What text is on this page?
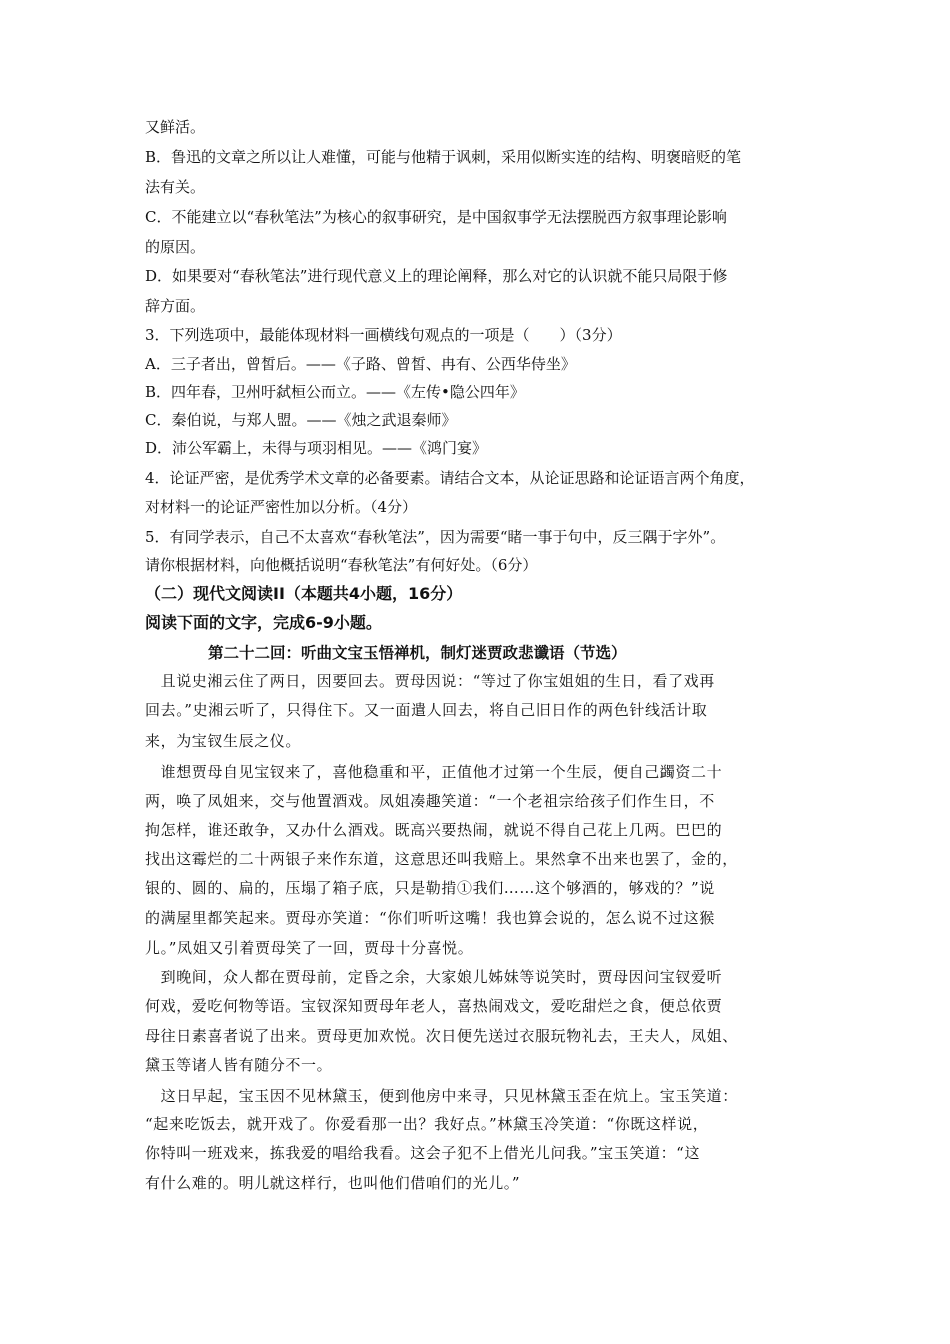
又鲜活。
B．鲁迅的文章之所以让人难懂，可能与他精于讽刺，采用似断实连的结构、明褒暗贬的笔
法有关。
C．不能建立以“春秋笔法”为核心的叙事研究，是中国叙事学无法摆脱西方叙事理论影响
的原因。
D．如果要对“春秋笔法”进行现代意义上的理论阐释，那么对它的认识就不能只局限于修
辞方面。
3．下列选项中，最能体现材料一画横线句观点的一项是（　　）（3分）
A．三子者出，曾皙后。——《子路、曾皙、冉有、公西华侍坐》
B．四年春，卫州吁弑桓公而立。——《左传•隐公四年》
C．秦伯说，与郑人盟。——《烛之武退秦师》
D．沛公军霸上，未得与项羽相见。——《鸿门宴》
4．论证严密，是优秀学术文章的必备要素。请结合文本，从论证思路和论证语言两个角度，
对材料一的论证严密性加以分析。（4分）
5．有同学表示，自己不太喜欢“春秋笔法”，因为需要“睹一事于句中，反三隅于字外”。
请你根据材料，向他概括说明“春秋笔法”有何好处。（6分）
（二）现代文阅读II（本题共4小题，16分）
阅读下面的文字，完成6-9小题。
第二十二回：听曲文宝玉悟禅机，制灯迷贾政悲谶语（节选）
　且说史湘云住了两日，因要回去。贾母因说：“等过了你宝姐姐的生日，看了戏再
回去。”史湘云听了，只得住下。又一面遣人回去，将自己旧日作的两色针线活计取
来，为宝钗生辰之仪。
　谁想贾母自见宝钗来了，喜他稳重和平，正值他才过第一个生辰，便自己蠲资二十
两，唤了凤姐来，交与他置酒戏。凤姐凑趣笑道：“一个老祖宗给孩子们作生日，不
拘怎样，谁还敢争，又办什么酒戏。既高兴要热闹，就说不得自己花上几两。巴巴的
找出这霉烂的二十两银子来作东道，这意思还叫我赔上。果然拿不出来也罢了，金的，
银的、圆的、扁的，压塌了箱子底，只是勒掯①我们……这个够酒的，够戏的？”说
的满屋里都笑起来。贾母亦笑道：“你们听听这嘴！我也算会说的，怎么说不过这猴
儿。”凤姐又引着贾母笑了一回，贾母十分喜悦。
　到晚间，众人都在贾母前，定昏之余，大家娘儿姊妹等说笑时，贾母因问宝钗爱听
何戏，爱吃何物等语。宝钗深知贾母年老人，喜热闹戏文，爱吃甜烂之食，便总依贾
母往日素喜者说了出来。贾母更加欢悦。次日便先送过衣服玩物礼去，王夫人，凤姐、
黛玉等诸人皆有随分不一。
　这日早起，宝玉因不见林黛玉，便到他房中来寻，只见林黛玉歪在炕上。宝玉笑道：
“起来吃饭去，就开戏了。你爱看那一出？我好点。”林黛玉冷笑道：“你既这样说，
你特叫一班戏来，拣我爱的唱给我看。这会子犯不上借光儿问我。”宝玉笑道：“这
有什么难的。明儿就这样行，也叫他们借咱们的光儿。”
